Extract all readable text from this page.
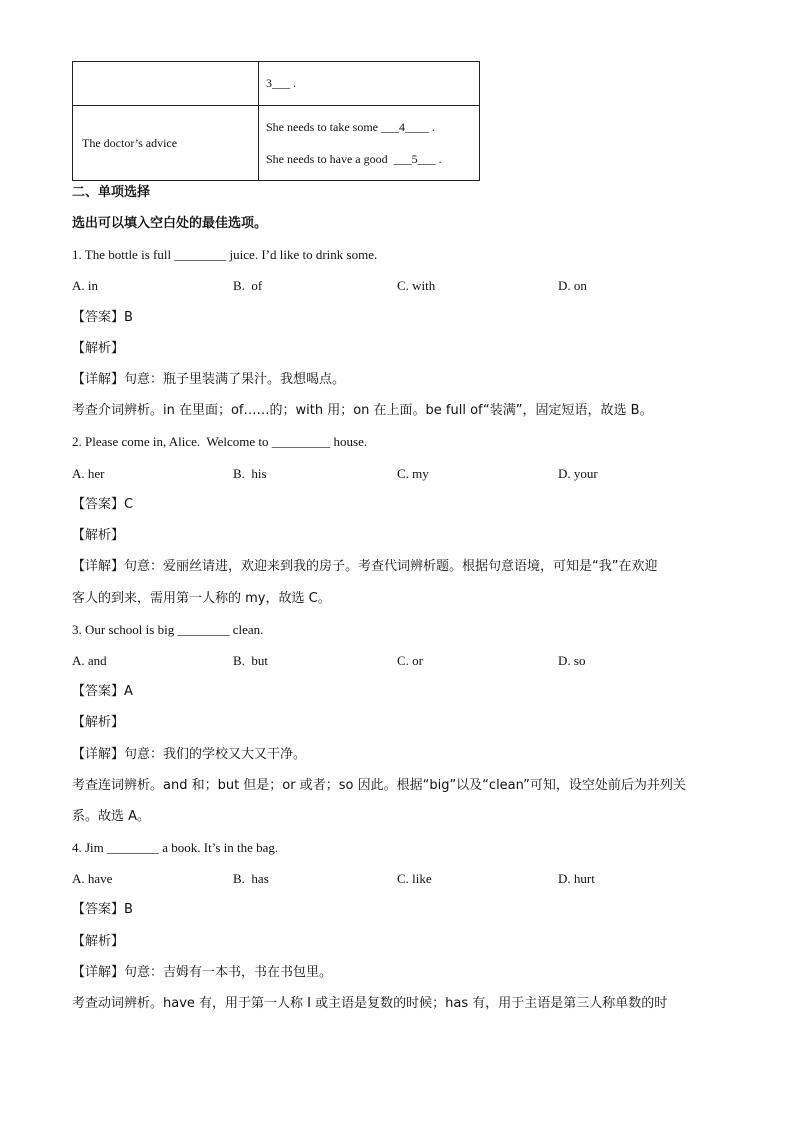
	3___ .
The doctor’s advice	She needs to take some ___4____ .
She needs to have a good  ___5___ .
二、单项选择
选出可以填入空白处的最佳选项。
1. The bottle is full ________ juice. I’d like to drink some.
A. in	B.  of	C. with	D. on
【答案】B
【解析】
【详解】句意：瓶子里装满了果汁。我想喝点。
考查介词辨析。in 在里面；of……的；with 用；on 在上面。be full of“装满”，固定短语，故选 B。
2. Please come in, Alice.  Welcome to _________ house.
A. her	B.  his	C. my	D. your
【答案】C
【解析】
【详解】句意：爱丽丝请进，欢迎来到我的房子。考查代词辨析题。根据句意语境，可知是“我”在欢迎
客人的到来，需用第一人称的 my，故选 C。
3. Our school is big ________ clean.
A. and	B.  but	C. or	D. so
【答案】A
【解析】
【详解】句意：我们的学校又大又干净。
考查连词辨析。and 和；but 但是；or 或者；so 因此。根据“big”以及“clean”可知，设空处前后为并列关
系。故选 A。
4. Jim ________ a book. It’s in the bag.
A. have	B.  has	C. like	D. hurt
【答案】B
【解析】
【详解】句意：吉姆有一本书，书在书包里。
考查动词辨析。have 有，用于第一人称 I 或主语是复数的时候；has 有，用于主语是第三人称单数的时
